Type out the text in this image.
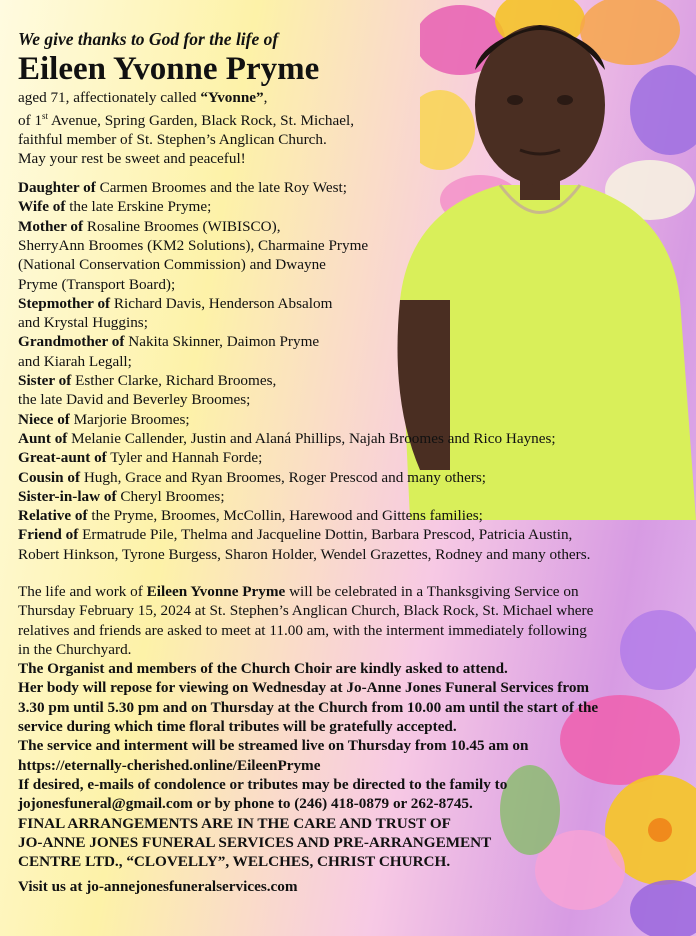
We give thanks to God for the life of
Eileen Yvonne Pryme
aged 71, affectionately called “Yvonne”,
of 1st Avenue, Spring Garden, Black Rock, St. Michael,
faithful member of St. Stephen’s Anglican Church.
May your rest be sweet and peaceful!
Daughter of Carmen Broomes and the late Roy West;
Wife of the late Erskine Pryme;
Mother of Rosaline Broomes (WIBISCO),
SherryAnn Broomes (KM2 Solutions), Charmaine Pryme
(National Conservation Commission) and Dwayne
Pryme (Transport Board);
Stepmother of Richard Davis, Henderson Absalom
and Krystal Huggins;
Grandmother of Nakita Skinner, Daimon Pryme
and Kiarah Legall;
Sister of Esther Clarke, Richard Broomes,
the late David and Beverley Broomes;
Niece of Marjorie Broomes;
Aunt of Melanie Callender, Justin and Alaná Phillips, Najah Broomes and Rico Haynes;
Great-aunt of Tyler and Hannah Forde;
Cousin of Hugh, Grace and Ryan Broomes, Roger Prescod and many others;
Sister-in-law of Cheryl Broomes;
Relative of the Pryme, Broomes, McCollin, Harewood and Gittens families;
Friend of Ermatrude Pile, Thelma and Jacqueline Dottin, Barbara Prescod, Patricia Austin,
Robert Hinkson, Tyrone Burgess, Sharon Holder, Wendel Grazettes, Rodney and many others.
The life and work of Eileen Yvonne Pryme will be celebrated in a Thanksgiving Service on
Thursday February 15, 2024 at St. Stephen’s Anglican Church, Black Rock, St. Michael where
relatives and friends are asked to meet at 11.00 am, with the interment immediately following
in the Churchyard.
The Organist and members of the Church Choir are kindly asked to attend.
Her body will repose for viewing on Wednesday at Jo-Anne Jones Funeral Services from
3.30 pm until 5.30 pm and on Thursday at the Church from 10.00 am until the start of the
service during which time floral tributes will be gratefully accepted.
The service and interment will be streamed live on Thursday from 10.45 am on
https://eternally-cherished.online/EileenPryme
If desired, e-mails of condolence or tributes may be directed to the family to
jojonesfuneral@gmail.com or by phone to (246) 418-0879 or 262-8745.
FINAL ARRANGEMENTS ARE IN THE CARE AND TRUST OF
JO-ANNE JONES FUNERAL SERVICES AND PRE-ARRANGEMENT
CENTRE LTD., “CLOVELLY”, WELCHES, CHRIST CHURCH.
Visit us at jo-annejonesfuneralservices.com
